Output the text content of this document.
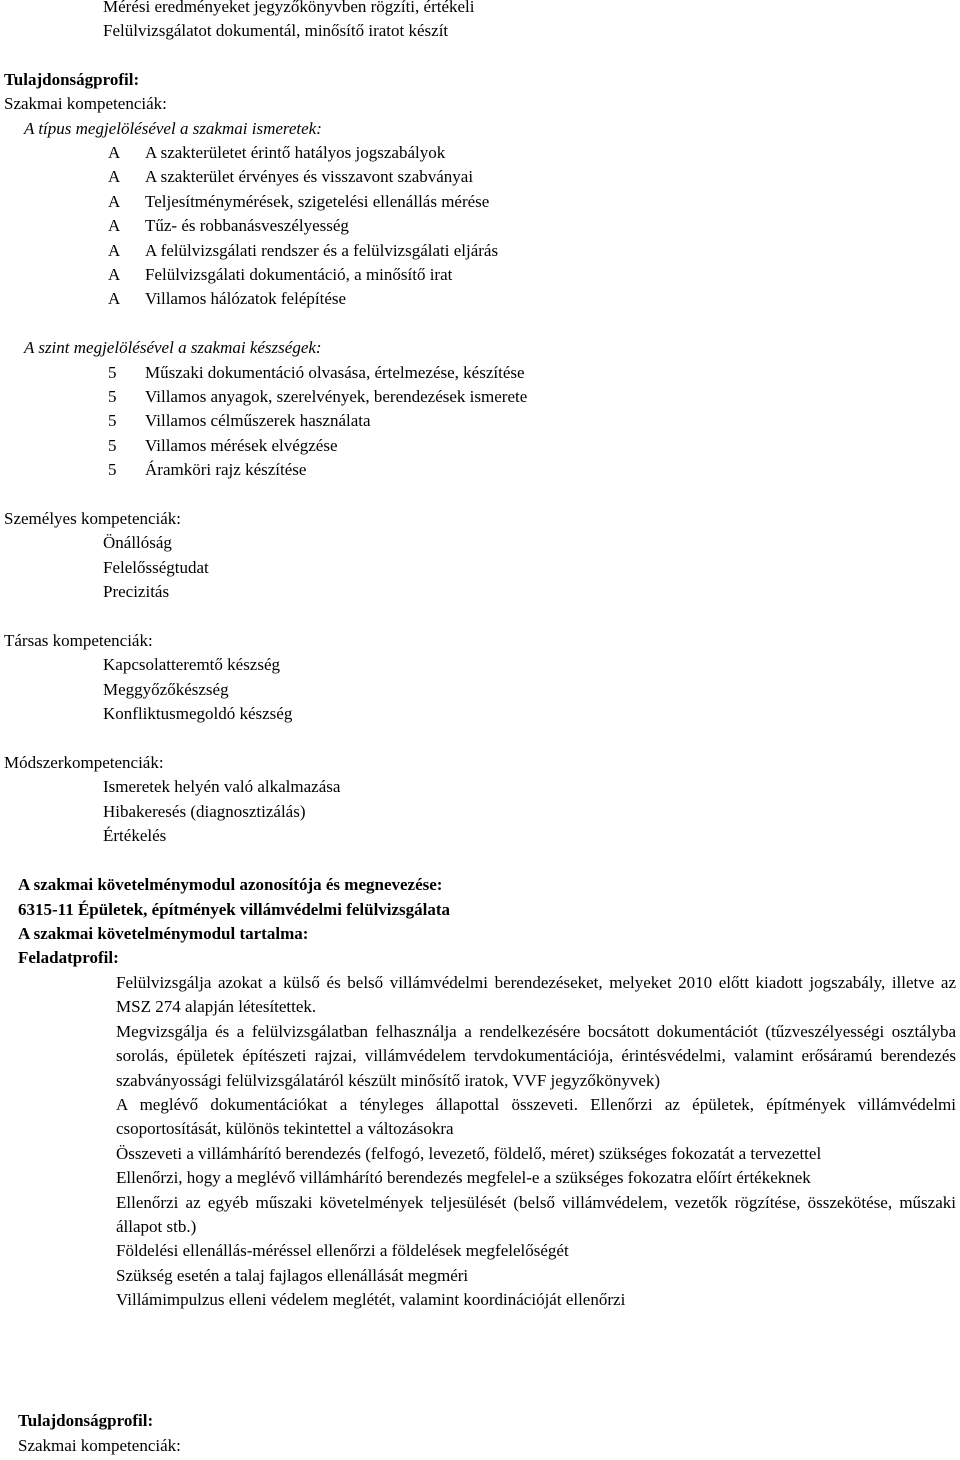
Mérési eredményeket jegyzőkönyvben rögzíti, értékeli
Felülvizsgálatot dokumentál, minősítő iratot készít
Tulajdonságprofil:
Szakmai kompetenciák:
A típus megjelölésével a szakmai ismeretek:
A A szakterületet érintő hatályos jogszabályok
A A szakterület érvényes és visszavont szabványai
A Teljesítménymérések, szigetelési ellenállás mérése
A Tűz- és robbanásveszélyesség
A A felülvizsgálati rendszer és a felülvizsgálati eljárás
A Felülvizsgálati dokumentáció, a minősítő irat
A Villamos hálózatok felépítése
A szint megjelölésével a szakmai készségek:
5 Műszaki dokumentáció olvasása, értelmezése, készítése
5 Villamos anyagok, szerelvények, berendezések ismerete
5 Villamos célműszerek használata
5 Villamos mérések elvégzése
5 Áramköri rajz készítése
Személyes kompetenciák:
Önállóság
Felelősségtudat
Precizitás
Társas kompetenciák:
Kapcsolatteremtő készség
Meggyőzőkészség
Konfliktusmegoldó készség
Módszerkompetenciák:
Ismeretek helyén való alkalmazása
Hibakeresés (diagnosztizálás)
Értékelés
A szakmai követelménymodul azonosítója és megnevezése:
6315-11 Épületek, építmények villámvédelmi felülvizsgálata
A szakmai követelménymodul tartalma:
Feladatprofil:

Felülvizsgálja azokat a külső és belső villámvédelmi berendezéseket, melyeket 2010 előtt kiadott jogszabály, illetve az MSZ 274 alapján létesítettek.

Megvizsgálja és a felülvizsgálatban felhasználja a rendelkezésére bocsátott dokumentációt (tűzveszélyességi osztályba sorolás, épületek építészeti rajzai, villámvédelem tervdokumentációja, érintésvédelmi, valamint erősáramú berendezés szabványossági felülvizsgálatáról készült minősítő iratok, VVF jegyzőkönyvek)

A meglévő dokumentációkat a tényleges állapottal összeveti. Ellenőrzi az épületek, építmények villámvédelmi csoportosítását, különös tekintettel a változásokra

Összeveti a villámhárító berendezés (felfogó, levezető, földelő, méret) szükséges fokozatát a tervezettel

Ellenőrzi, hogy a meglévő villámhárító berendezés megfelel-e a szükséges fokozatra előírt értékeknek

Ellenőrzi az egyéb műszaki követelmények teljesülését (belső villámvédelem, vezetők rögzítése, összekötése, műszaki állapot stb.)

Földelési ellenállás-méréssel ellenőrzi a földelések megfelelőségét

Szükség esetén a talaj fajlagos ellenállását megméri

Villámimpulzus elleni védelem meglétét, valamint koordinációját ellenőrzi

Tulajdonságprofil:
Szakmai kompetenciák:
